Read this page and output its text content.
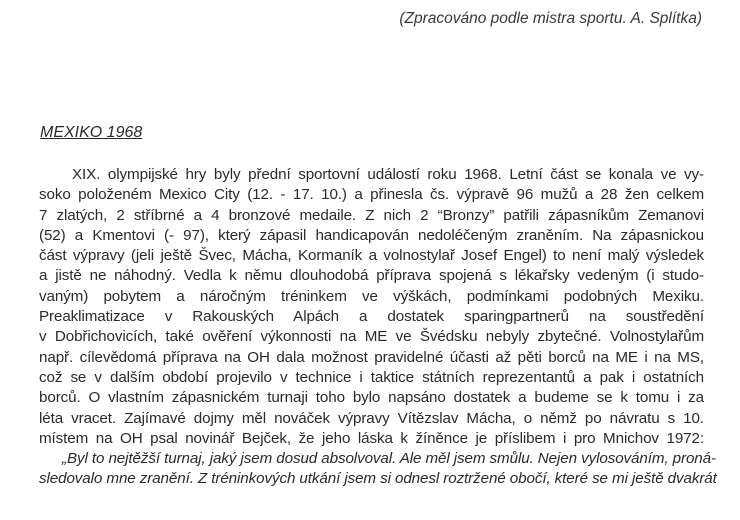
(Zpracováno podle mistra sportu. A. Splítka)
MEXIKO 1968
XIX. olympijské hry byly přední sportovní událostí roku 1968. Letní část se konala ve vy-
soko položeném Mexico City (12. - 17. 10.) a přinesla čs. výpravě 96 mužů a 28 žen celkem
7 zlatých, 2 stříbrné a 4 bronzové medaile. Z nich 2 “Bronzy” patřili zápasníkům Zemanovi
(52) a Kmentovi (- 97), který zápasil handicapován nedoléčeným zraněním. Na zápasnickou
část výpravy (jeli ještě Švec, Mácha, Kormaník a volnostylař Josef Engel) to není malý výsledek
a jistě ne náhodný. Vedla k němu dlouhodobá příprava spojená s lékařsky vedeným (i studo-
vaným) pobytem a náročným tréninkem ve výškách, podmínkami podobných Mexiku.
Preaklimatizace v Rakouských Alpách a dostatek sparingpartnerů na soustředění
v Dobřichovicích, také ověření výkonnosti na ME ve Švédsku nebyly zbytečné. Volnostylařům
např. cílevědomá příprava na OH dala možnost pravidelné účasti až pěti borců na ME i na MS,
což se v dalším období projevilo v technice i taktice státních reprezentantů a pak i ostatních
borců. O vlastním zápasnickém turnaji toho bylo napsáno dostatek a budeme se k tomu i za
léta vracet. Zajímavé dojmy měl nováček výpravy Vítězslav Mácha, o němž po návratu s 10.
místem na OH psal novinář Bejček, že jeho láska k žíněnce je příslibem i pro Mnichov 1972:
„Byl to nejtěžší turnaj, jaký jsem dosud absolvoval. Ale měl jsem smůlu. Nejen vylosováním, proná-
sledovalo mne zranění. Z tréninkových utkání jsem si odnesl roztržené obočí, které se mi ještě dvakrát
